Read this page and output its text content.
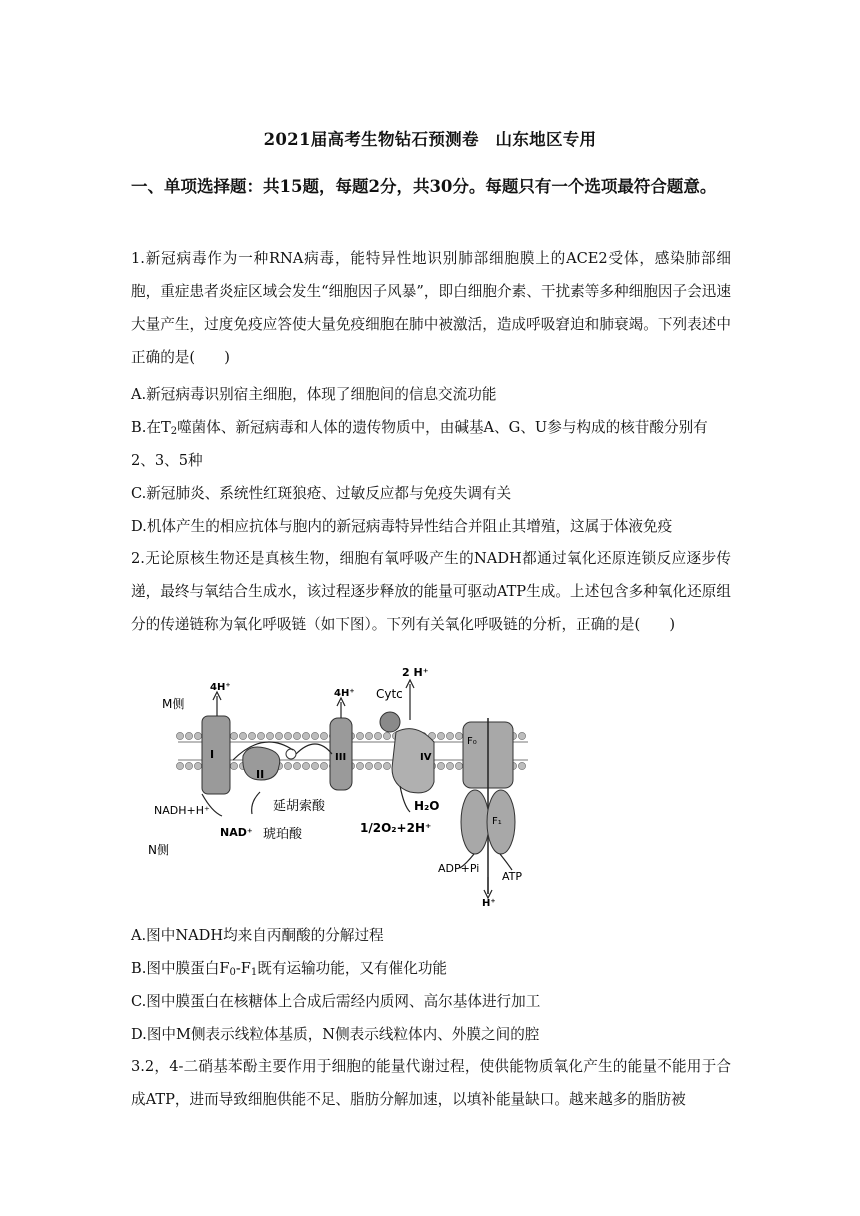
2021届高考生物钻石预测卷　山东地区专用
一、单项选择题：共15题，每题2分，共30分。每题只有一个选项最符合题意。
1.新冠病毒作为一种RNA病毒，能特异性地识别肺部细胞膜上的ACE2受体，感染肺部细胞，重症患者炎症区域会发生“细胞因子风暴”，即白细胞介素、干扰素等多种细胞因子会迅速大量产生，过度免疫应答使大量免疫细胞在肺中被激活，造成呼吸窘迫和肺衰竭。下列表述中正确的是(　　)
A.新冠病毒识别宿主细胞，体现了细胞间的信息交流功能
B.在$T_2$噬菌体、新冠病毒和人体的遗传物质中，由碱基A、G、U参与构成的核苷酸分别有
2、3、5种
C.新冠肺炎、系统性红斑狼疮、过敏反应都与免疫失调有关
D.机体产生的相应抗体与胞内的新冠病毒特异性结合并阻止其增殖，这属于体液免疫
2.无论原核生物还是真核生物，细胞有氧呼吸产生的NADH都通过氧化还原连锁反应逐步传递，最终与氧结合生成水，该过程逐步释放的能量可驱动ATP生成。上述包含多种氧化还原组分的传递链称为氧化呼吸链（如下图）。下列有关氧化呼吸链的分析，正确的是(　　)
I
II
III
Cytc
IV
F₀
F₁
M侧
N侧
4H⁺
4H⁺
2 H⁺
NADH+H⁺
NAD⁺
延胡索酸
琥珀酸
H₂O
1/2O₂+2H⁺
ADP+Pi
ATP
H⁺
A.图中NADH均来自丙酮酸的分解过程
B.图中膜蛋白$F_0-F_1$既有运输功能，又有催化功能
C.图中膜蛋白在核糖体上合成后需经内质网、高尔基体进行加工
D.图中M侧表示线粒体基质，N侧表示线粒体内、外膜之间的腔
3.2，4-二硝基苯酚主要作用于细胞的能量代谢过程，使供能物质氧化产生的能量不能用于合成ATP，进而导致细胞供能不足、脂肪分解加速，以填补能量缺口。越来越多的脂肪被
